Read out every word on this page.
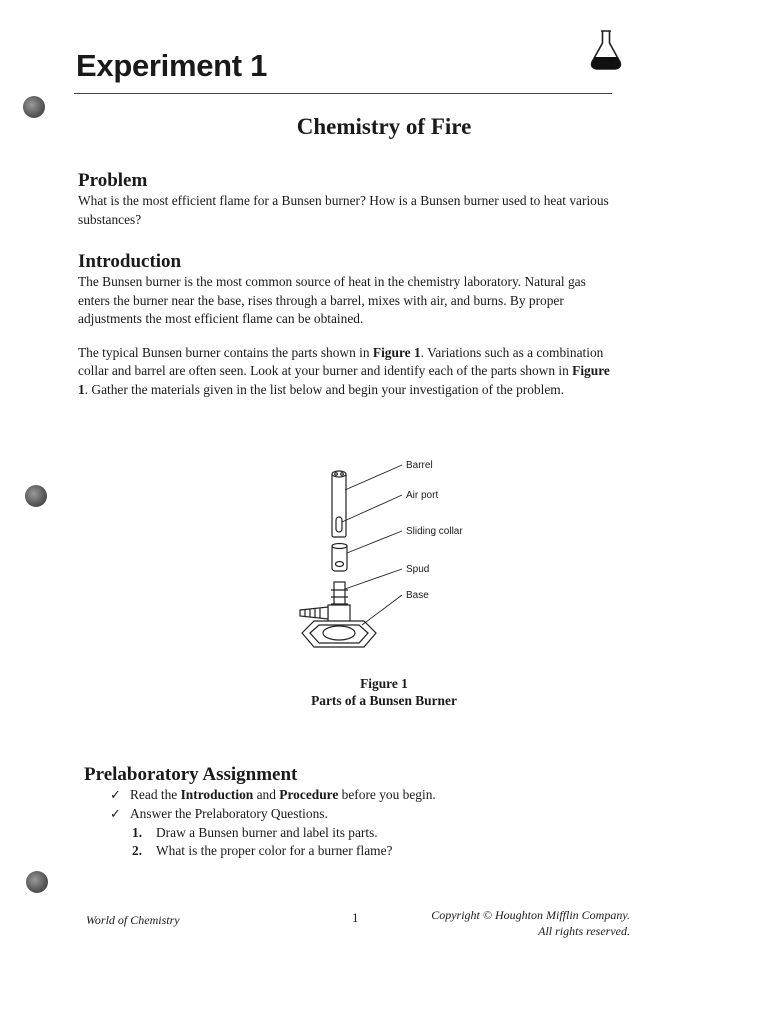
Experiment 1
Chemistry of Fire
Problem

What is the most efficient flame for a Bunsen burner? How is a Bunsen burner used to heat various

substances?

Introduction

The Bunsen burner is the most common source of heat in the chemistry laboratory. Natural gas

enters the burner near the base, rises through a barrel, mixes with air, and burns. By proper

adjustments the most efficient flame can be obtained.

The typical Bunsen burner contains the parts shown in Figure 1. Variations such as a combination

collar and barrel are often seen. Look at your burner and identify each of the parts shown in Figure

1. Gather the materials given in the list below and begin your investigation of the problem.

Barrel
Air port
Sliding collar
Spud
Base
Figure 1
Parts of a Bunsen Burner
Prelaboratory Assignment
✓ Read the Introduction and Procedure before you begin.
✓ Answer the Prelaboratory Questions.
1. Draw a Bunsen burner and label its parts.
2. What is the proper color for a burner flame?
World of Chemistry	1	Copyright © Houghton Mifflin Company.
All rights reserved.
